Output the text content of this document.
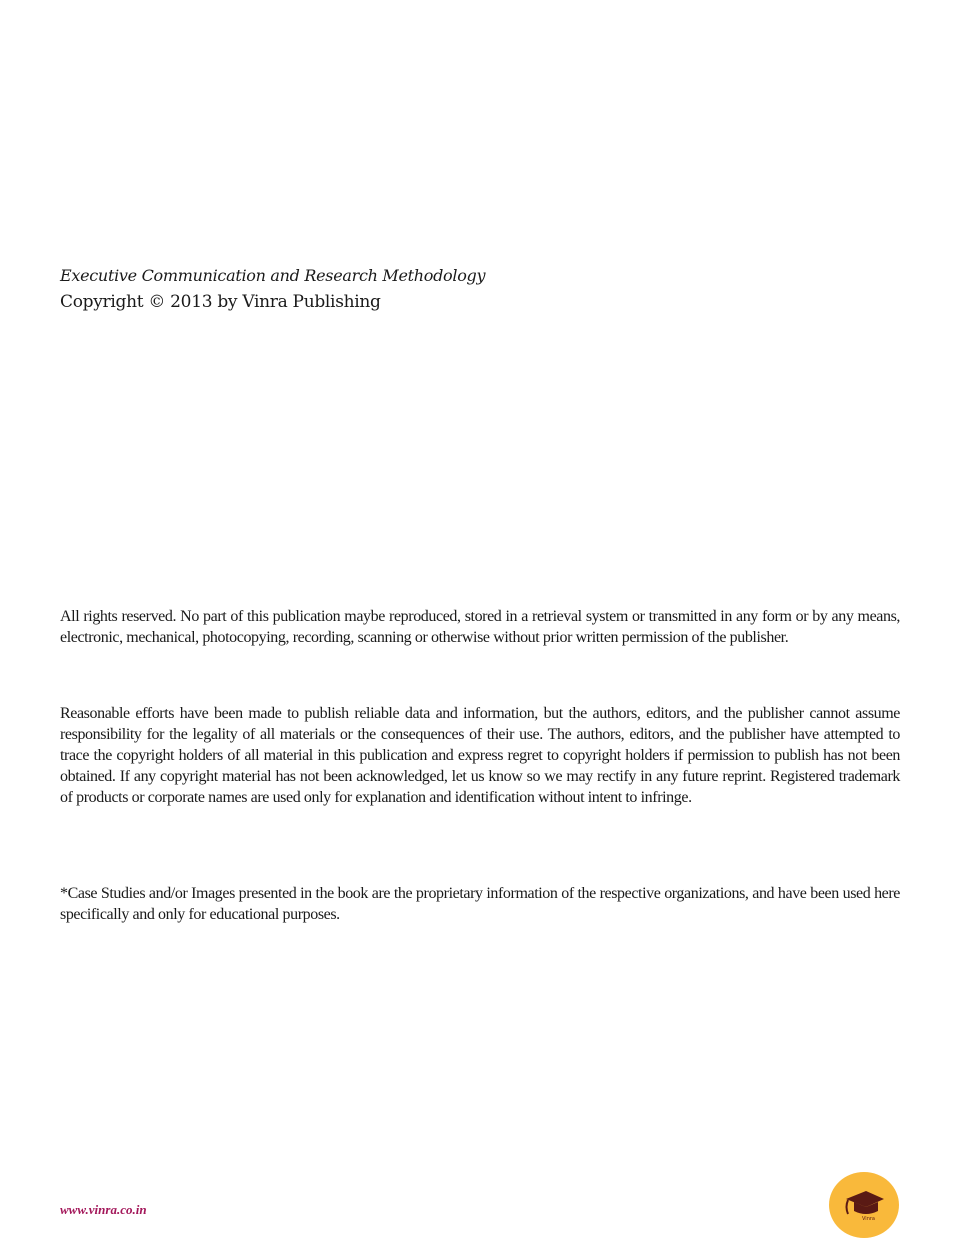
Executive Communication and Research Methodology
Copyright © 2013 by Vinra Publishing

All rights reserved. No part of this publication maybe reproduced, stored in a retrieval system or transmitted in any form or by any means, electronic, mechanical, photocopying, recording, scanning or otherwise without prior written permission of the publisher.

Reasonable efforts have been made to publish reliable data and information, but the authors, editors, and the publisher cannot assume responsibility for the legality of all materials or the consequences of their use. The authors, editors, and the publisher have attempted to trace the copyright holders of all material in this publication and express regret to copyright holders if permission to publish has not been obtained. If any copyright material has not been acknowledged, let us know so we may rectify in any future reprint. Registered trademark of products or corporate names are used only for explanation and identification without intent to infringe.

*Case Studies and/or Images presented in the book are the proprietary information of the respective organizations, and have been used here specifically and only for educational purposes.

www.vinra.co.in
Vinra
